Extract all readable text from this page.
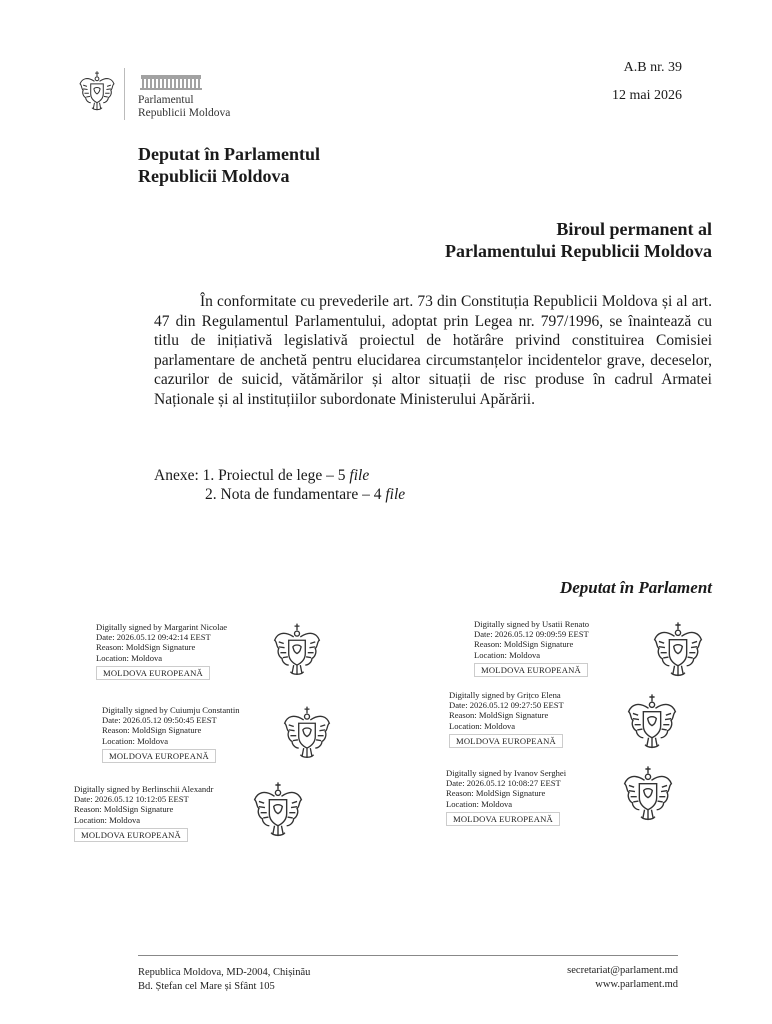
Parlamentul
Republicii Moldova
A.B nr. 39
12 mai 2026
Deputat în Parlamentul
Republicii Moldova
Biroul permanent al
Parlamentului Republicii Moldova
În conformitate cu prevederile art. 73 din Constituția Republicii Moldova și al art. 47 din Regulamentul Parlamentului, adoptat prin Legea nr. 797/1996, se înaintează cu titlu de inițiativă legislativă proiectul de hotărâre privind constituirea Comisiei parlamentare de anchetă pentru elucidarea circumstanțelor incidentelor grave, deceselor, cazurilor de suicid, vătămărilor și altor situații de risc produse în cadrul Armatei Naționale și al instituțiilor subordonate Ministerului Apărării.
Anexe: 1. Proiectul de lege – 5 file
2. Nota de fundamentare – 4 file
Deputat în Parlament
Digitally signed by Margarint Nicolae
Date: 2026.05.12 09:42:14 EEST
Reason: MoldSign Signature
Location: Moldova
MOLDOVA EUROPEANĂ
Digitally signed by Cuiumju Constantin
Date: 2026.05.12 09:50:45 EEST
Reason: MoldSign Signature
Location: Moldova
MOLDOVA EUROPEANĂ
Digitally signed by Berlinschii Alexandr
Date: 2026.05.12 10:12:05 EEST
Reason: MoldSign Signature
Location: Moldova
MOLDOVA EUROPEANĂ
Digitally signed by Usatii Renato
Date: 2026.05.12 09:09:59 EEST
Reason: MoldSign Signature
Location: Moldova
MOLDOVA EUROPEANĂ
Digitally signed by Grițco Elena
Date: 2026.05.12 09:27:50 EEST
Reason: MoldSign Signature
Location: Moldova
MOLDOVA EUROPEANĂ
Digitally signed by Ivanov Serghei
Date: 2026.05.12 10:08:27 EEST
Reason: MoldSign Signature
Location: Moldova
MOLDOVA EUROPEANĂ
Republica Moldova, MD-2004, Chișinău
Bd. Ștefan cel Mare și Sfânt 105
secretariat@parlament.md
www.parlament.md
